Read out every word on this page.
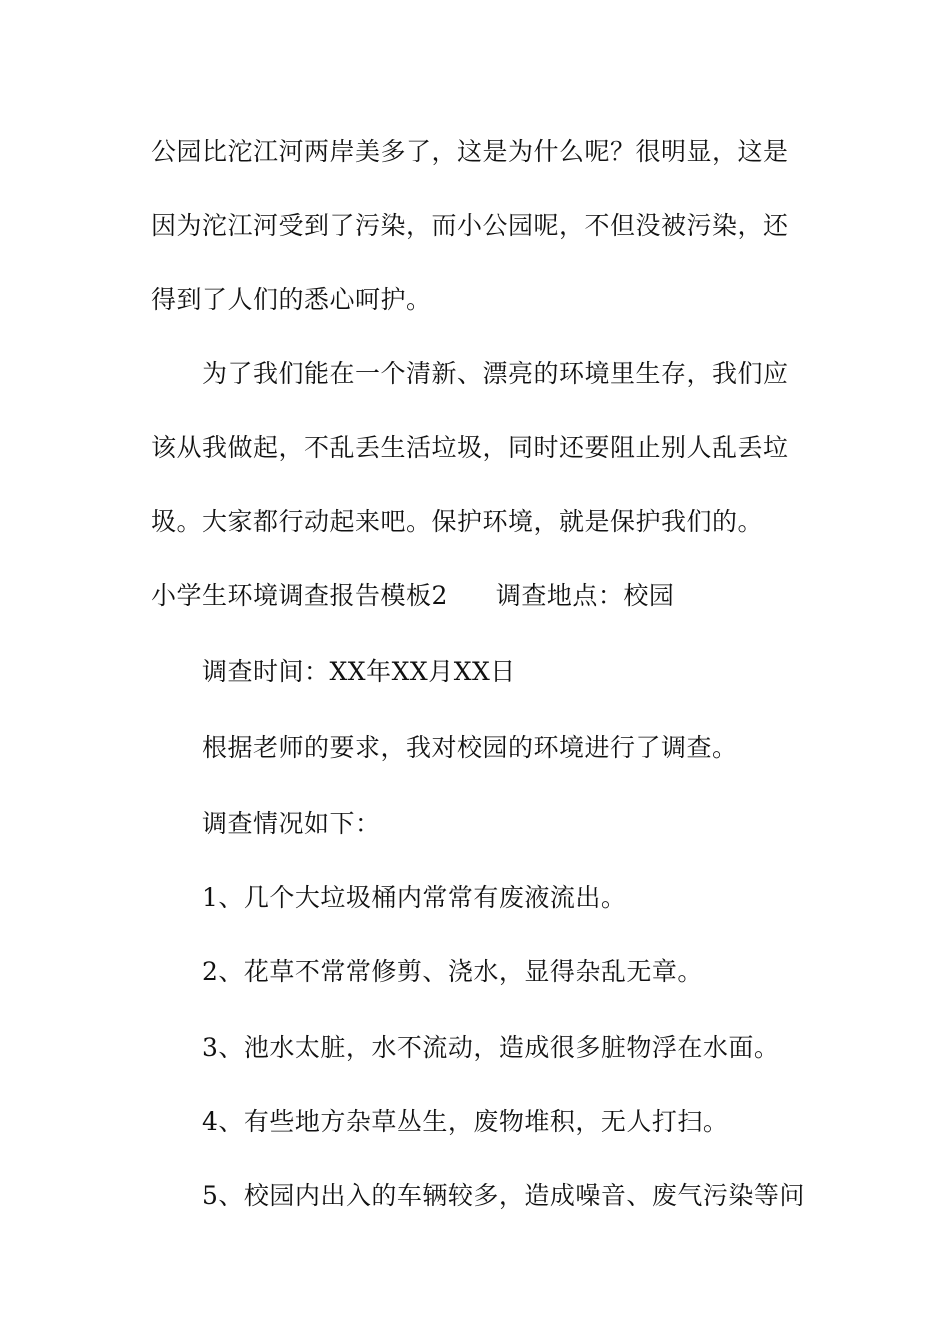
公园比沱江河两岸美多了，这是为什么呢？很明显，这是
因为沱江河受到了污染，而小公园呢，不但没被污染，还
得到了人们的悉心呵护。
为了我们能在一个清新、漂亮的环境里生存，我们应
该从我做起，不乱丢生活垃圾，同时还要阻止别人乱丢垃
圾。大家都行动起来吧。保护环境，就是保护我们的。
小学生环境调查报告模板2 调查地点：校园
调查时间：XX年XX月XX日
根据老师的要求，我对校园的环境进行了调查。
调查情况如下：
1、几个大垃圾桶内常常有废液流出。
2、花草不常常修剪、浇水，显得杂乱无章。
3、池水太脏，水不流动，造成很多脏物浮在水面。
4、有些地方杂草丛生，废物堆积，无人打扫。
5、校园内出入的车辆较多，造成噪音、废气污染等问
